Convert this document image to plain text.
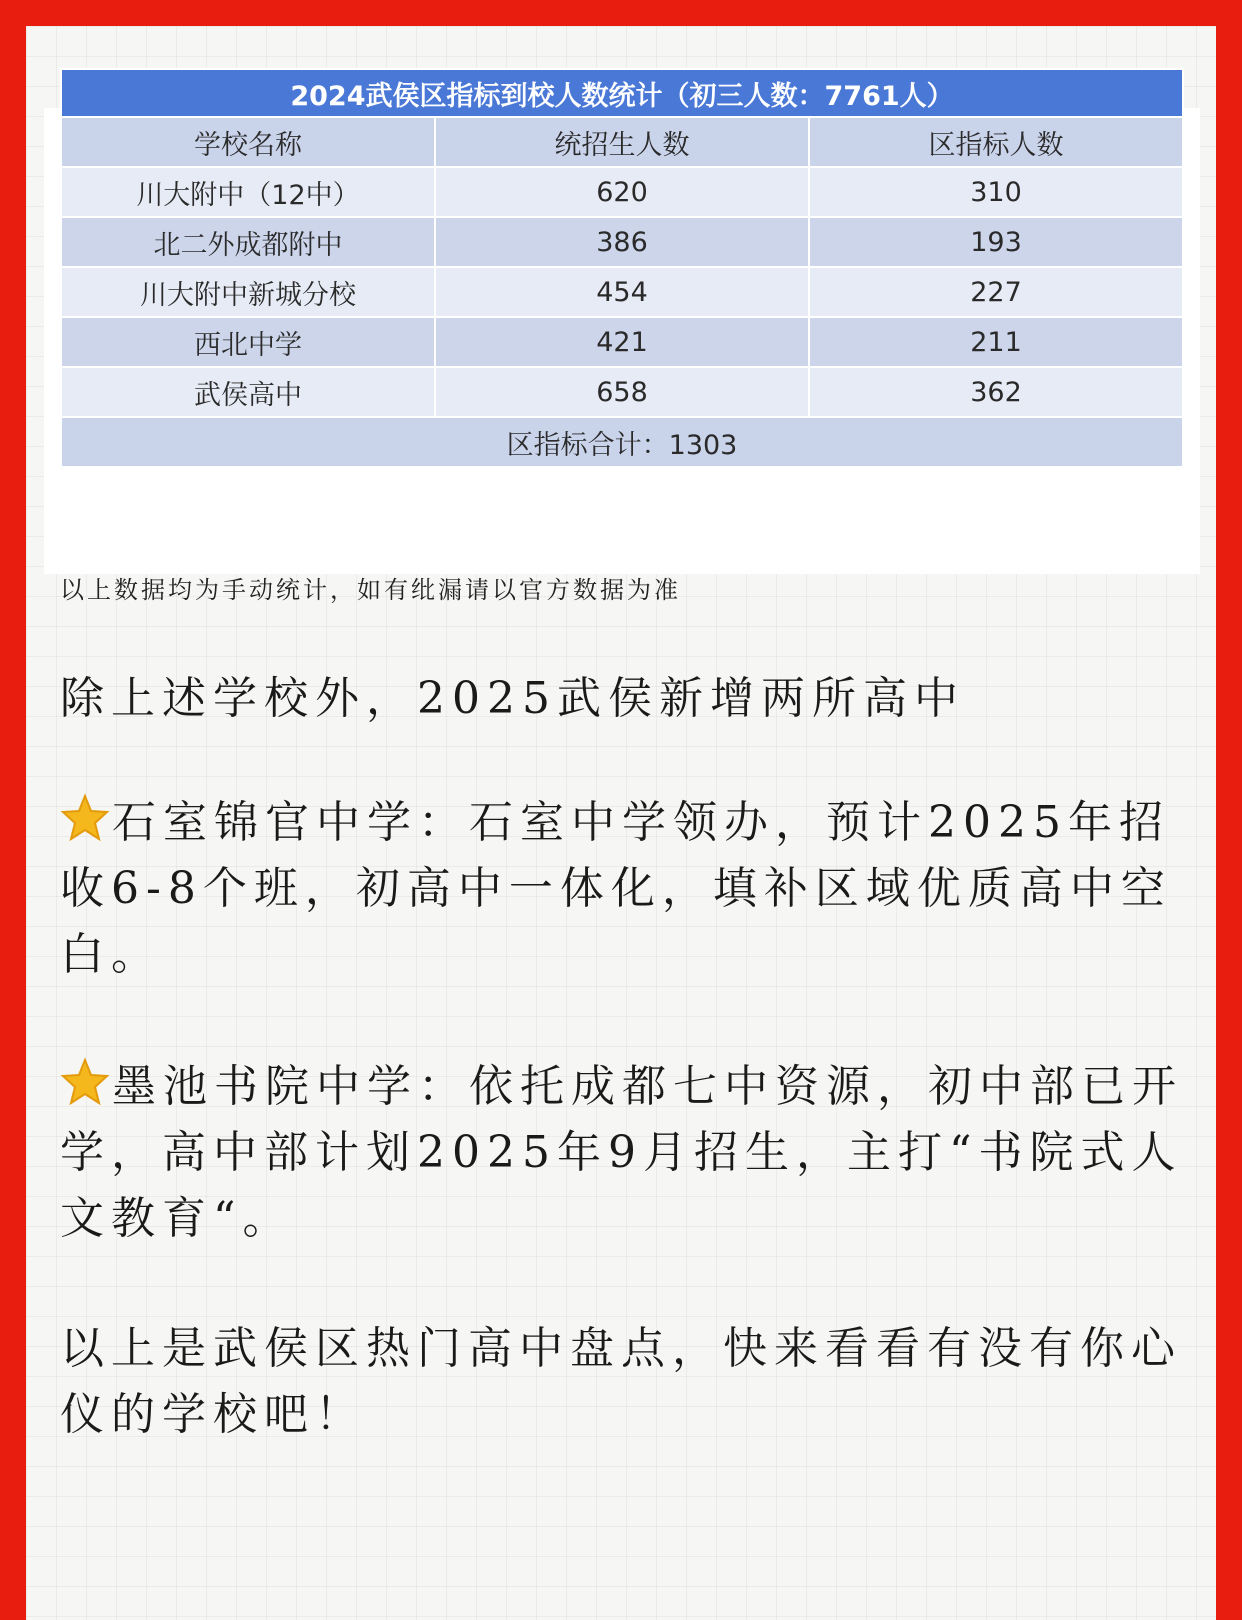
2024武侯区指标到校人数统计（初三人数：7761人）		
学校名称	统招生人数	区指标人数
川大附中（12中）	620	310
北二外成都附中	386	193
川大附中新城分校	454	227
西北中学	421	211
武侯高中	658	362
区指标合计：1303		
以上数据均为手动统计，如有纰漏请以官方数据为准

除上述学校外，2025武侯新增两所高中

石室锦官中学：石室中学领办，预计2025年招收6-8个班，初高中一体化，填补区域优质高中空白。

墨池书院中学：依托成都七中资源，初中部已开学，高中部计划2025年9月招生，主打“书院式人文教育“。

以上是武侯区热门高中盘点，快来看看有没有你心仪的学校吧！
